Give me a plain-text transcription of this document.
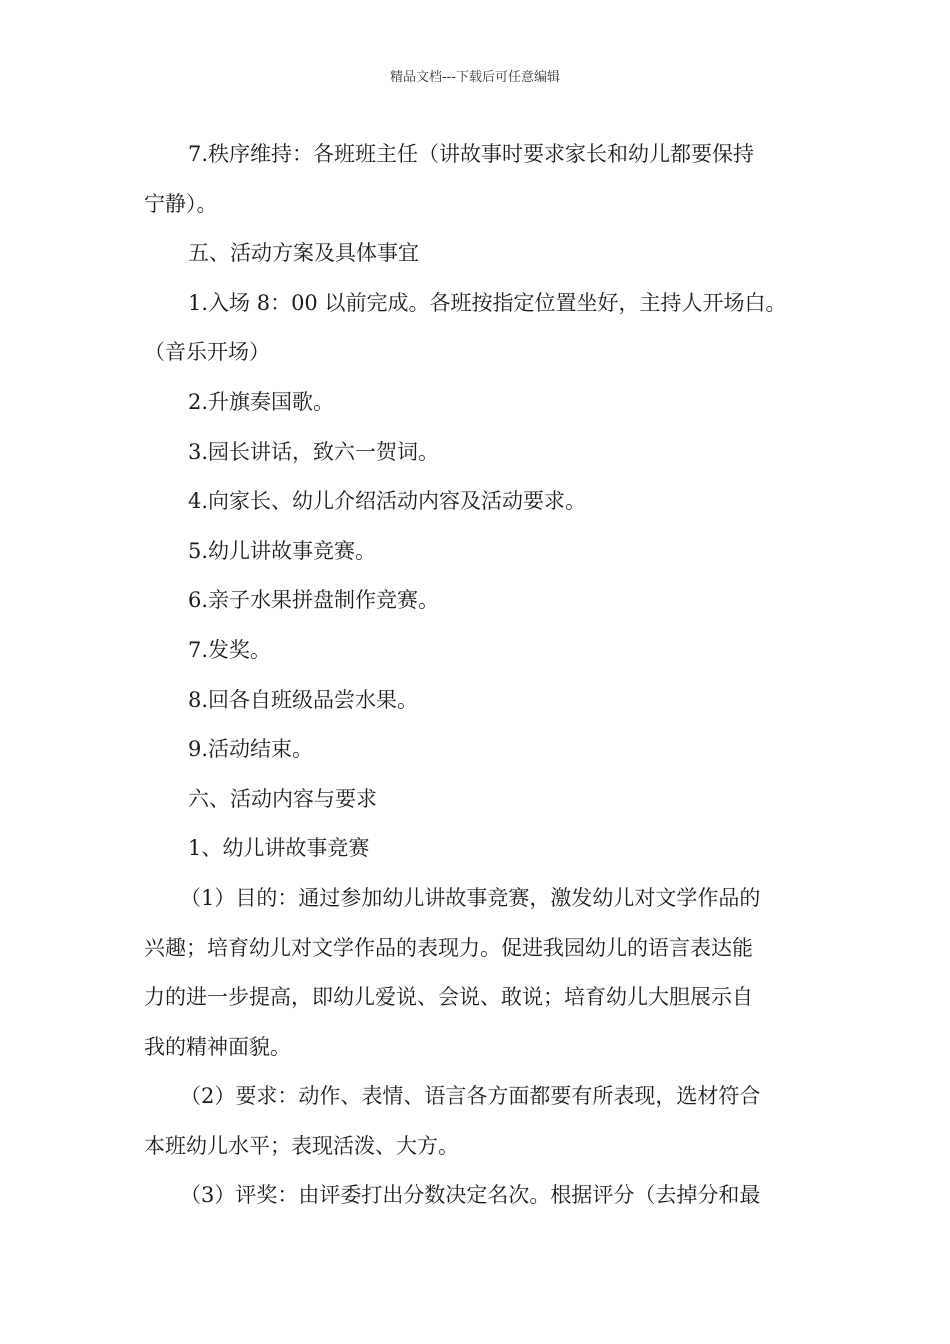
精品文档---下载后可任意编辑

7.秩序维持：各班班主任（讲故事时要求家长和幼儿都要保持

宁静）。

五、活动方案及具体事宜

1.入场 8：00 以前完成。各班按指定位置坐好，主持人开场白。

（音乐开场）

2.升旗奏国歌。

3.园长讲话，致六一贺词。

4.向家长、幼儿介绍活动内容及活动要求。

5.幼儿讲故事竞赛。

6.亲子水果拼盘制作竞赛。

7.发奖。

8.回各自班级品尝水果。

9.活动结束。

六、活动内容与要求

1、幼儿讲故事竞赛

（1）目的：通过参加幼儿讲故事竞赛，激发幼儿对文学作品的

兴趣；培育幼儿对文学作品的表现力。促进我园幼儿的语言表达能

力的进一步提高，即幼儿爱说、会说、敢说；培育幼儿大胆展示自

我的精神面貌。

（2）要求：动作、表情、语言各方面都要有所表现，选材符合

本班幼儿水平；表现活泼、大方。

（3）评奖：由评委打出分数决定名次。根据评分（去掉分和最
